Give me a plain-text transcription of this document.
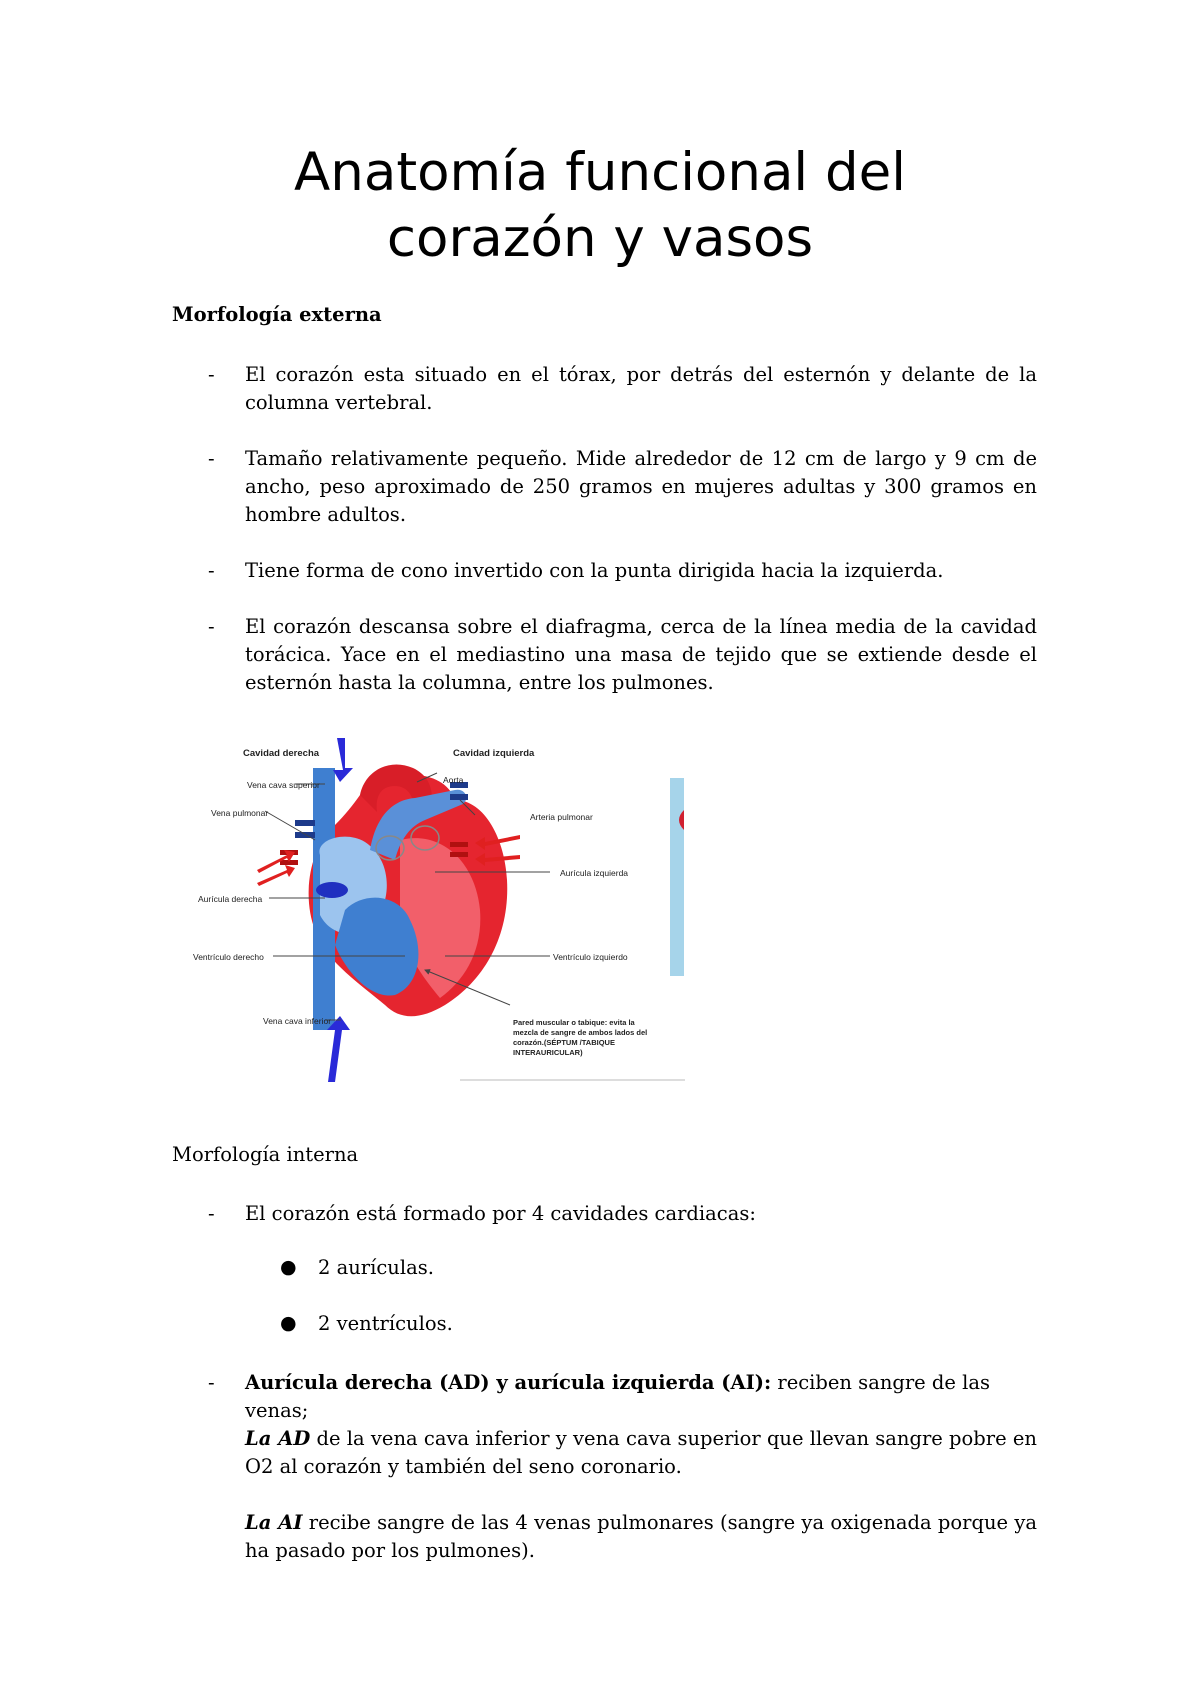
Anatomía funcional del
corazón y vasos
Morfología externa
- El corazón esta situado en el tórax, por detrás del esternón y delante de la columna vertebral.
- Tamaño relativamente pequeño. Mide alrededor de 12 cm de largo y 9 cm de ancho, peso aproximado de 250 gramos en mujeres adultas y 300 gramos en hombre adultos.
- Tiene forma de cono invertido con la punta dirigida hacia la izquierda.
- El corazón descansa sobre el diafragma, cerca de la línea media de la cavidad torácica. Yace en el mediastino una masa de tejido que se extiende desde el esternón hasta la columna, entre los pulmones.
Cavidad derecha	Cavidad izquierda
Vena cava superior
Vena pulmonar
Aurícula derecha
Ventrículo derecho
Vena cava inferior
Aorta
Arteria pulmonar
Aurícula izquierda
Ventrículo izquierdo
Pared muscular o tabique: evita la
mezcla de sangre de ambos lados del
corazón.(SÉPTUM /TABIQUE
INTERAURICULAR)
Morfología interna
- El corazón está formado por 4 cavidades cardiacas:
● 2 aurículas.
● 2 ventrículos.
- Aurícula derecha (AD) y aurícula izquierda (AI): reciben sangre de las venas;
La AD de la vena cava inferior y vena cava superior que llevan sangre pobre en O2 al corazón y también del seno coronario.
La AI recibe sangre de las 4 venas pulmonares (sangre ya oxigenada porque ya ha pasado por los pulmones).
